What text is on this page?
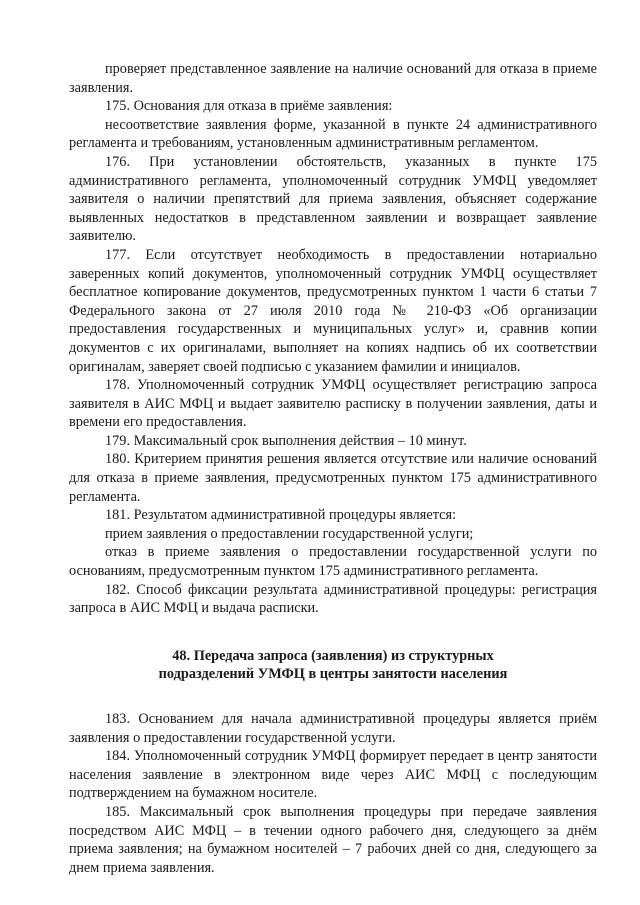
проверяет представленное заявление на наличие оснований для отказа в приеме заявления.

175. Основания для отказа в приёме заявления:

несоответствие заявления форме, указанной в пункте 24 административного регламента и требованиям, установленным административным регламентом.

176. При установлении обстоятельств, указанных в пункте 175 административного регламента, уполномоченный сотрудник УМФЦ уведомляет заявителя о наличии препятствий для приема заявления, объясняет содержание выявленных недостатков в представленном заявлении и возвращает заявление заявителю.

177. Если отсутствует необходимость в предоставлении нотариально заверенных копий документов, уполномоченный сотрудник УМФЦ осуществляет бесплатное копирование документов, предусмотренных пунктом 1 части 6 статьи 7 Федерального закона от 27 июля 2010 года № 210-ФЗ «Об организации предоставления государственных и муниципальных услуг» и, сравнив копии документов с их оригиналами, выполняет на копиях надпись об их соответствии оригиналам, заверяет своей подписью с указанием фамилии и инициалов.

178. Уполномоченный сотрудник УМФЦ осуществляет регистрацию запроса заявителя в АИС МФЦ и выдает заявителю расписку в получении заявления, даты и времени его предоставления.

179. Максимальный срок выполнения действия – 10 минут.

180. Критерием принятия решения является отсутствие или наличие оснований для отказа в приеме заявления, предусмотренных пунктом 175 административного регламента.

181. Результатом административной процедуры является:

прием заявления о предоставлении государственной услуги;

отказ в приеме заявления о предоставлении государственной услуги по основаниям, предусмотренным пунктом 175 административного регламента.

182. Способ фиксации результата административной процедуры: регистрация запроса в АИС МФЦ и выдача расписки.

48. Передача запроса (заявления) из структурных
подразделений УМФЦ в центры занятости населения

183. Основанием для начала административной процедуры является приём заявления о предоставлении государственной услуги.

184. Уполномоченный сотрудник УМФЦ формирует передает в центр занятости населения заявление в электронном виде через АИС МФЦ с последующим подтверждением на бумажном носителе.

185. Максимальный срок выполнения процедуры при передаче заявления посредством АИС МФЦ – в течении одного рабочего дня, следующего за днём приема заявления; на бумажном носителей – 7 рабочих дней со дня, следующего за днем приема заявления.
